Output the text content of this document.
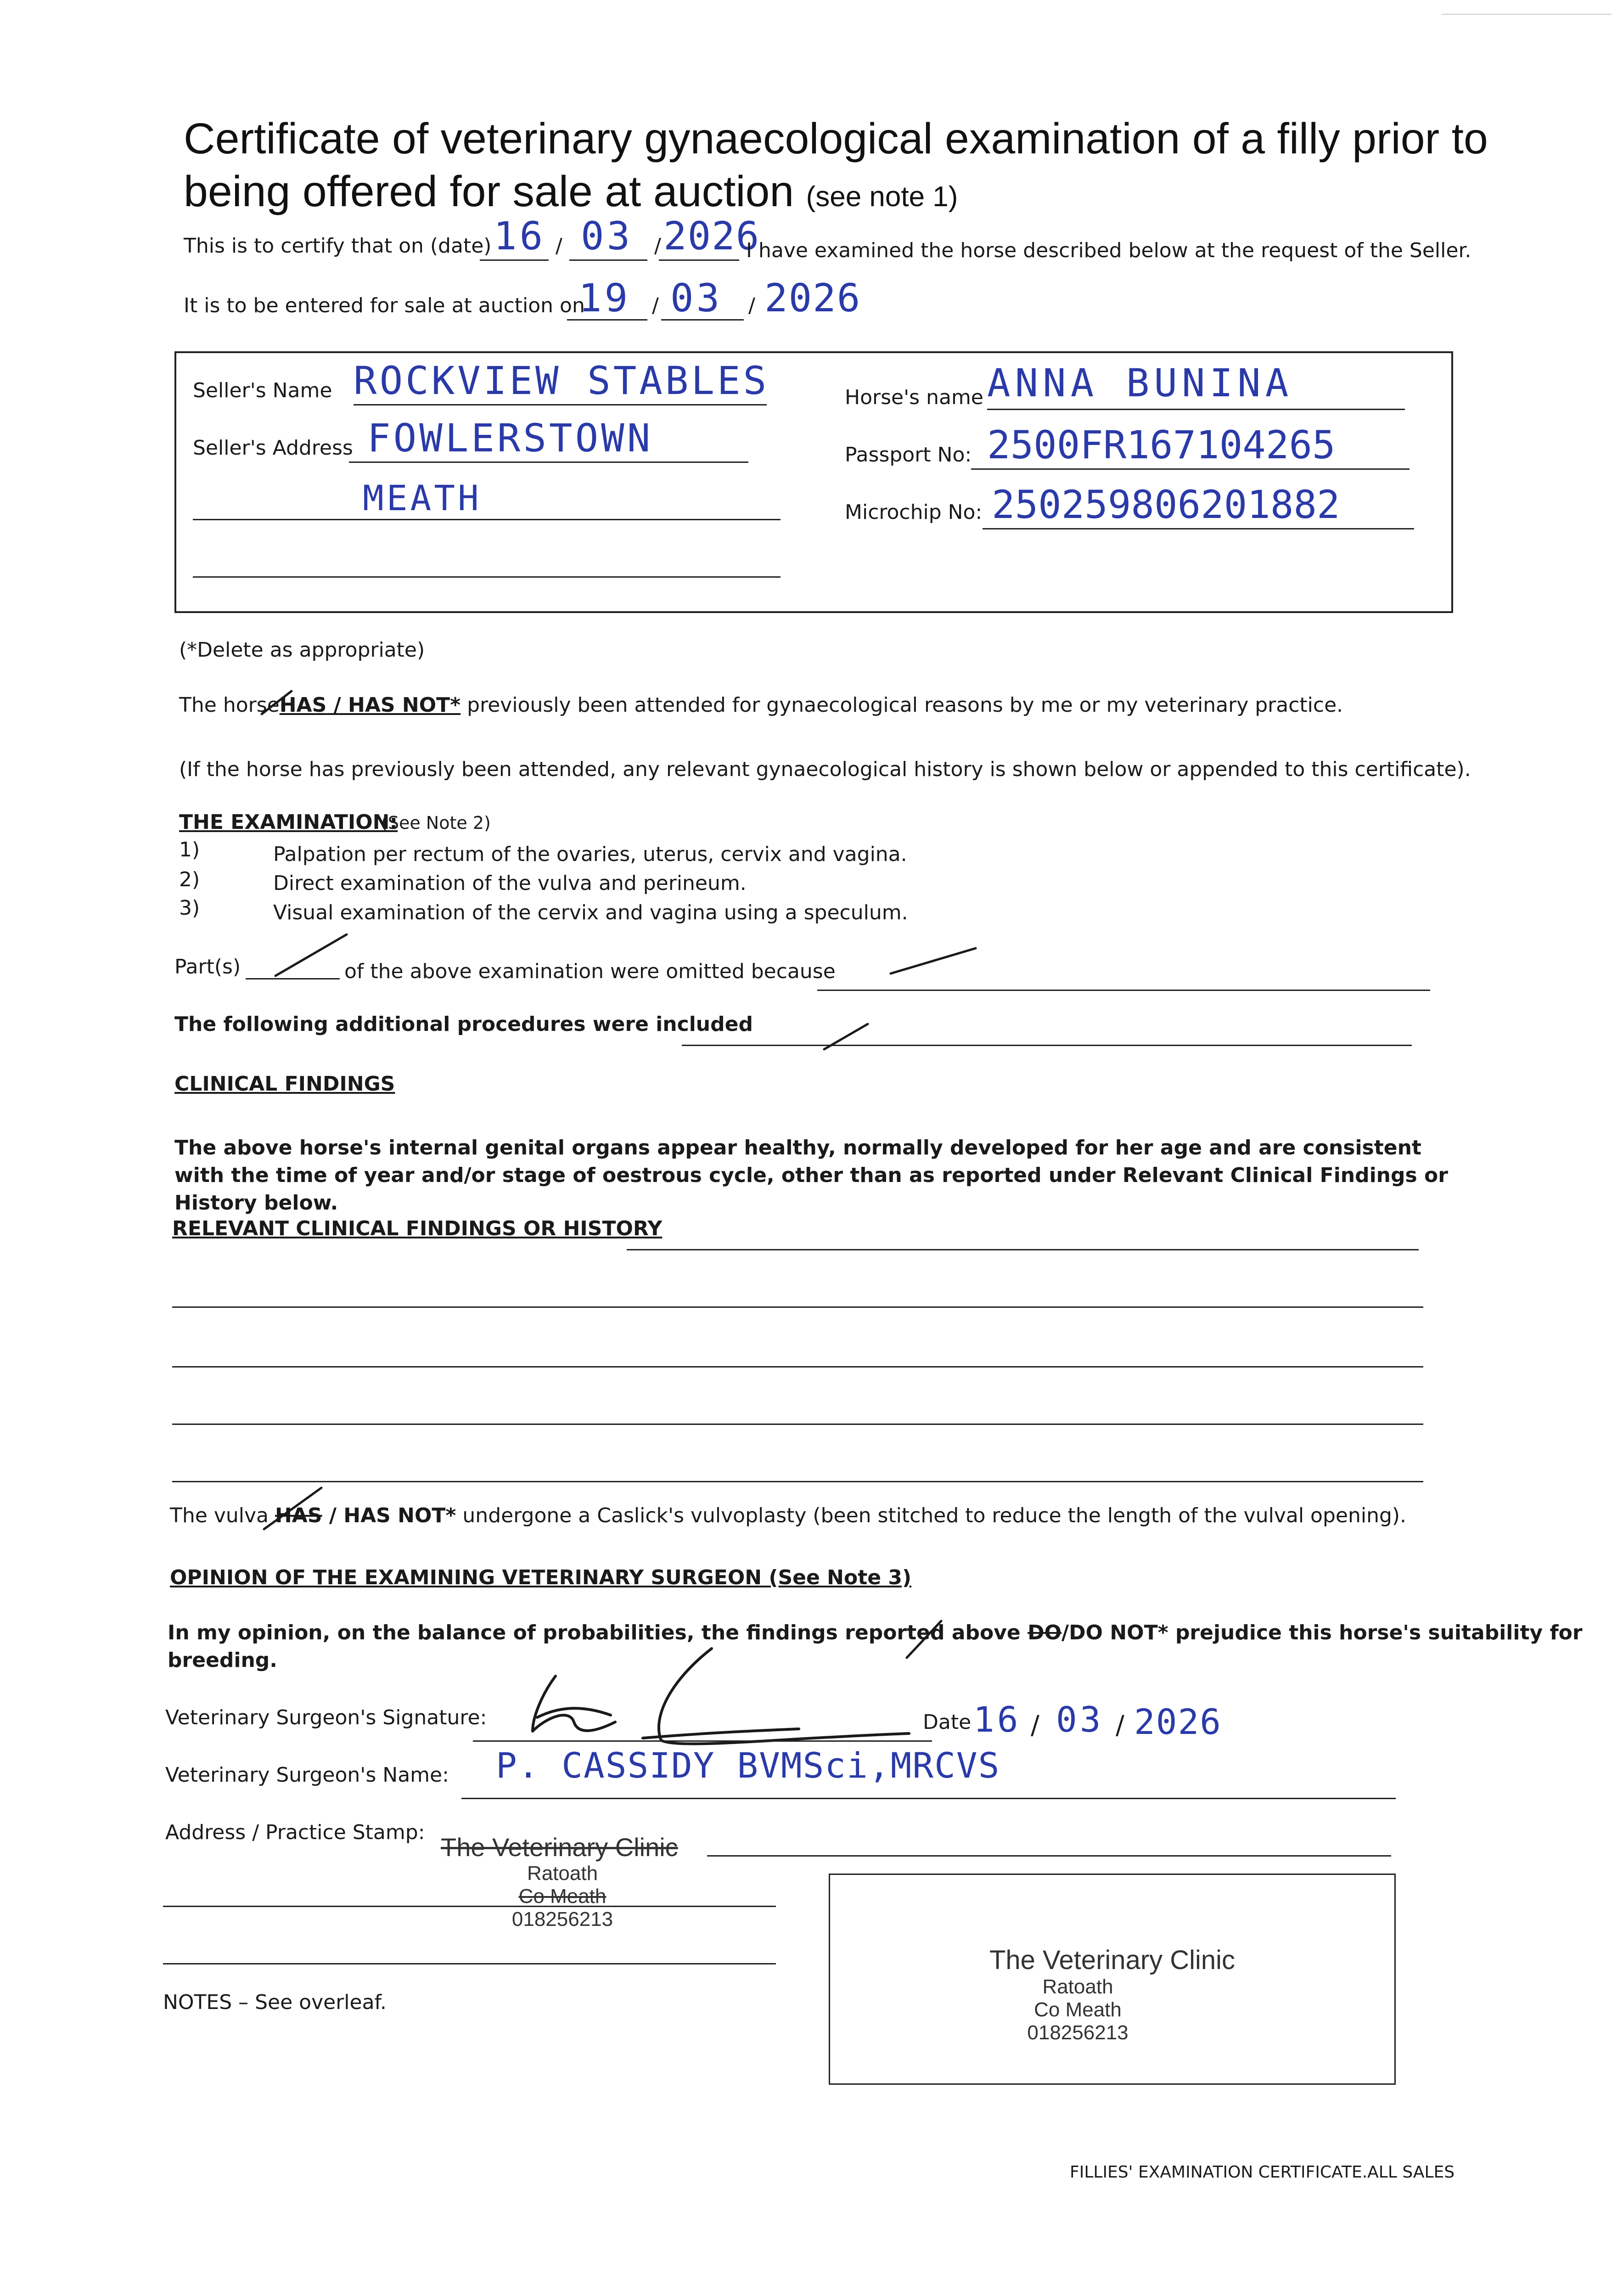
Certificate of veterinary gynaecological examination of a filly prior to
being offered for sale at auction (see note 1)
This is to certify that on (date) 16 / 03 / 2026
I have examined the horse described below at the request of the Seller.
It is to be entered for sale at auction on
19 / 03 / 2026
Seller's Name ROCKVIEW STABLES
Seller's Address FOWLERSTOWN
MEATH
Horse's name ANNA BUNINA
Passport No: 2500FR167104265
Microchip No: 250259806201882
(*Delete as appropriate)
The horseHAS / HAS NOT* previously been attended for gynaecological reasons by me or my veterinary practice.
(If the horse has previously been attended, any relevant gynaecological history is shown below or appended to this certificate).
THE EXAMINATION:
(See Note 2)
1)	Palpation per rectum of the ovaries, uterus, cervix and vagina.
2)	Direct examination of the vulva and perineum.
3)	Visual examination of the cervix and vagina using a speculum.
Part(s)	of the above examination were omitted because
The following additional procedures were included
CLINICAL FINDINGS
The above horse's internal genital organs appear healthy, normally developed for her age and are consistent with the time of year and/or stage of oestrous cycle, other than as reported under Relevant Clinical Findings or History below.
RELEVANT CLINICAL FINDINGS OR HISTORY
The vulva HAS / HAS NOT* undergone a Caslick's vulvoplasty (been stitched to reduce the length of the vulval opening).
OPINION OF THE EXAMINING VETERINARY SURGEON (See Note 3)
In my opinion, on the balance of probabilities, the findings reported above DO/DO NOT* prejudice this horse's suitability for
breeding.
Veterinary Surgeon's Signature:	Date 16 / 03 / 2026
Veterinary Surgeon's Name: P. CASSIDY BVMSci,MRCVS
Address / Practice Stamp:
The Veterinary Clinic
Ratoath
Co Meath
018256213
The Veterinary Clinic
Ratoath
Co Meath
018256213
NOTES – See overleaf.
FILLIES' EXAMINATION CERTIFICATE.ALL SALES
